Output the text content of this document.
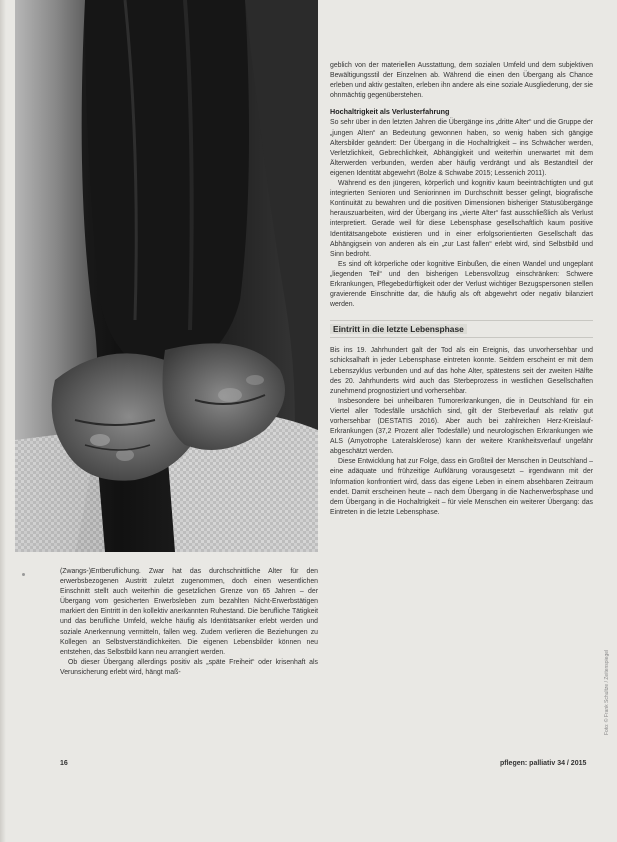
(Zwangs-)Entberuflichung. Zwar hat das durchschnittliche Alter für den erwerbsbezogenen Austritt zuletzt zugenommen, doch einen wesentlichen Einschnitt stellt auch weiterhin die gesetzlichen Grenze von 65 Jahren – der Übergang vom gesicherten Erwerbsleben zum bezahlten Nicht-Erwerbstätigen markiert den Eintritt in den kollektiv anerkannten Ruhestand. Die berufliche Tätigkeit und das berufliche Umfeld, welche häufig als Identitätsanker erlebt werden und soziale Anerkennung vermitteln, fallen weg. Zudem verlieren die Beziehungen zu Kollegen an Selbstverständlichkeiten. Die eigenen Lebensbilder können neu entstehen, das Selbstbild kann neu arrangiert werden.

Ob dieser Übergang allerdings positiv als „späte Freiheit“ oder krisenhaft als Verunsicherung erlebt wird, hängt maß-

geblich von der materiellen Ausstattung, dem sozialen Umfeld und dem subjektiven Bewältigungsstil der Einzelnen ab. Während die einen den Übergang als Chance erleben und aktiv gestalten, erleben ihn andere als eine soziale Ausgliederung, der sie ohnmächtig gegenüberstehen.

Hochaltrigkeit als Verlusterfahrung

So sehr über in den letzten Jahren die Übergänge ins „dritte Alter“ und die Gruppe der „jungen Alten“ an Bedeutung gewonnen haben, so wenig haben sich gängige Altersbilder geändert: Der Übergang in die Hochaltrigkeit – ins Schwächer werden, Verletzlichkeit, Gebrechlichkeit, Abhängigkeit und weiterhin unerwartet mit dem Älterwerden verbunden, werden aber häufig verdrängt und als Bestandteil der eigenen Identität abgewehrt (Bolze & Schwabe 2015; Lessenich 2011).

Während es den jüngeren, körperlich und kognitiv kaum beeinträchtigten und gut integrierten Senioren und Seniorinnen im Durchschnitt besser gelingt, biografische Kontinuität zu bewahren und die positiven Dimensionen bisheriger Statusübergänge herauszuarbeiten, wird der Übergang ins „vierte Alter“ fast ausschließlich als Verlust interpretiert. Gerade weil für diese Lebensphase gesellschaftlich kaum positive Identitätsangebote existieren und in einer erfolgsorientierten Gesellschaft das Abhängigsein von anderen als ein „zur Last fallen“ erlebt wird, sind Selbstbild und Sinn bedroht.

Es sind oft körperliche oder kognitive Einbußen, die einen Wandel und ungeplant „liegenden Teil“ und den bisherigen Lebensvollzug einschränken: Schwere Erkrankungen, Pflegebedürftigkeit oder der Verlust wichtiger Bezugspersonen stellen gravierende Einschnitte dar, die häufig als oft abgewehrt oder negativ bilanziert werden.

Eintritt in die letzte Lebensphase

Bis ins 19. Jahrhundert galt der Tod als ein Ereignis, das unvorhersehbar und schicksalhaft in jeder Lebensphase eintreten konnte. Seitdem erscheint er mit dem Lebenszyklus verbunden und auf das hohe Alter, spätestens seit der zweiten Hälfte des 20. Jahrhunderts wird auch das Sterbeprozess in westlichen Gesellschaften zunehmend prognostiziert und vorhersehbar.

Insbesondere bei unheilbaren Tumorerkrankungen, die in Deutschland für ein Viertel aller Todesfälle ursächlich sind, gilt der Sterbeverlauf als relativ gut vorhersehbar (DESTATIS 2016). Aber auch bei zahlreichen Herz-Kreislauf-Erkrankungen (37,2 Prozent aller Todesfälle) und neurologischen Erkrankungen wie ALS (Amyotrophe Lateralsklerose) kann der weitere Krankheitsverlauf ungefähr abgeschätzt werden.

Diese Entwicklung hat zur Folge, dass ein Großteil der Menschen in Deutschland – eine adäquate und frühzeitige Aufklärung vorausgesetzt – irgendwann mit der Information konfrontiert wird, dass das eigene Leben in einem absehbaren Zeitraum endet. Damit erscheinen heute – nach dem Übergang in die Nacherwerbsphase und dem Übergang in die Hochaltrigkeit – für viele Menschen ein weiterer Übergang: das Eintreten in die letzte Lebensphase.

16	pflegen: palliativ 34 / 2015
Foto: © Frank Schultze / Zeitenspiegel
